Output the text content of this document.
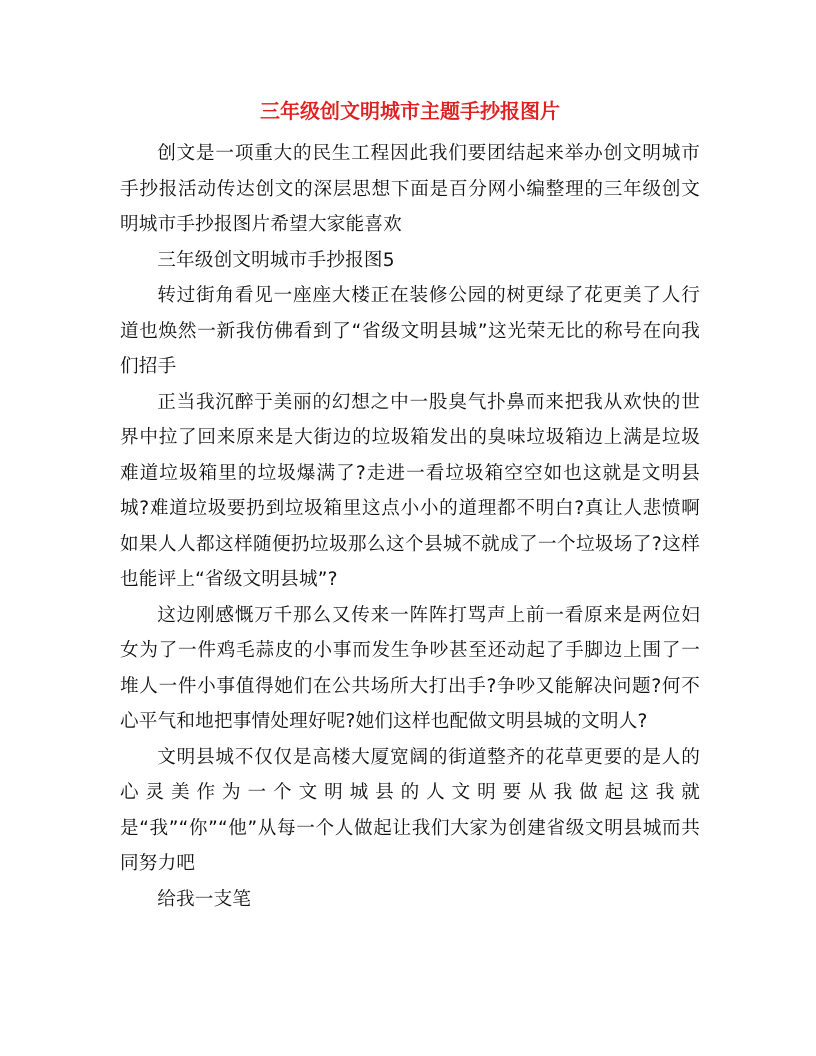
三年级创文明城市主题手抄报图片

创文是一项重大的民生工程因此我们要团结起来举办创文明城市手抄报活动传达创文的深层思想下面是百分网小编整理的三年级创文明城市手抄报图片希望大家能喜欢

三年级创文明城市手抄报图5

转过街角看见一座座大楼正在装修公园的树更绿了花更美了人行道也焕然一新我仿佛看到了“省级文明县城”这光荣无比的称号在向我们招手

正当我沉醉于美丽的幻想之中一股臭气扑鼻而来把我从欢快的世界中拉了回来原来是大街边的垃圾箱发出的臭味垃圾箱边上满是垃圾难道垃圾箱里的垃圾爆满了?走进一看垃圾箱空空如也这就是文明县城?难道垃圾要扔到垃圾箱里这点小小的道理都不明白?真让人悲愤啊如果人人都这样随便扔垃圾那么这个县城不就成了一个垃圾场了?这样也能评上“省级文明县城”?

这边刚感慨万千那么又传来一阵阵打骂声上前一看原来是两位妇女为了一件鸡毛蒜皮的小事而发生争吵甚至还动起了手脚边上围了一堆人一件小事值得她们在公共场所大打出手?争吵又能解决问题?何不心平气和地把事情处理好呢?她们这样也配做文明县城的文明人?

文明县城不仅仅是高楼大厦宽阔的街道整齐的花草更要的是人的心灵美作为一个文明城县的人文明要从我做起这我就是“我”“你”“他”从每一个人做起让我们大家为创建省级文明县城而共同努力吧

给我一支笔
